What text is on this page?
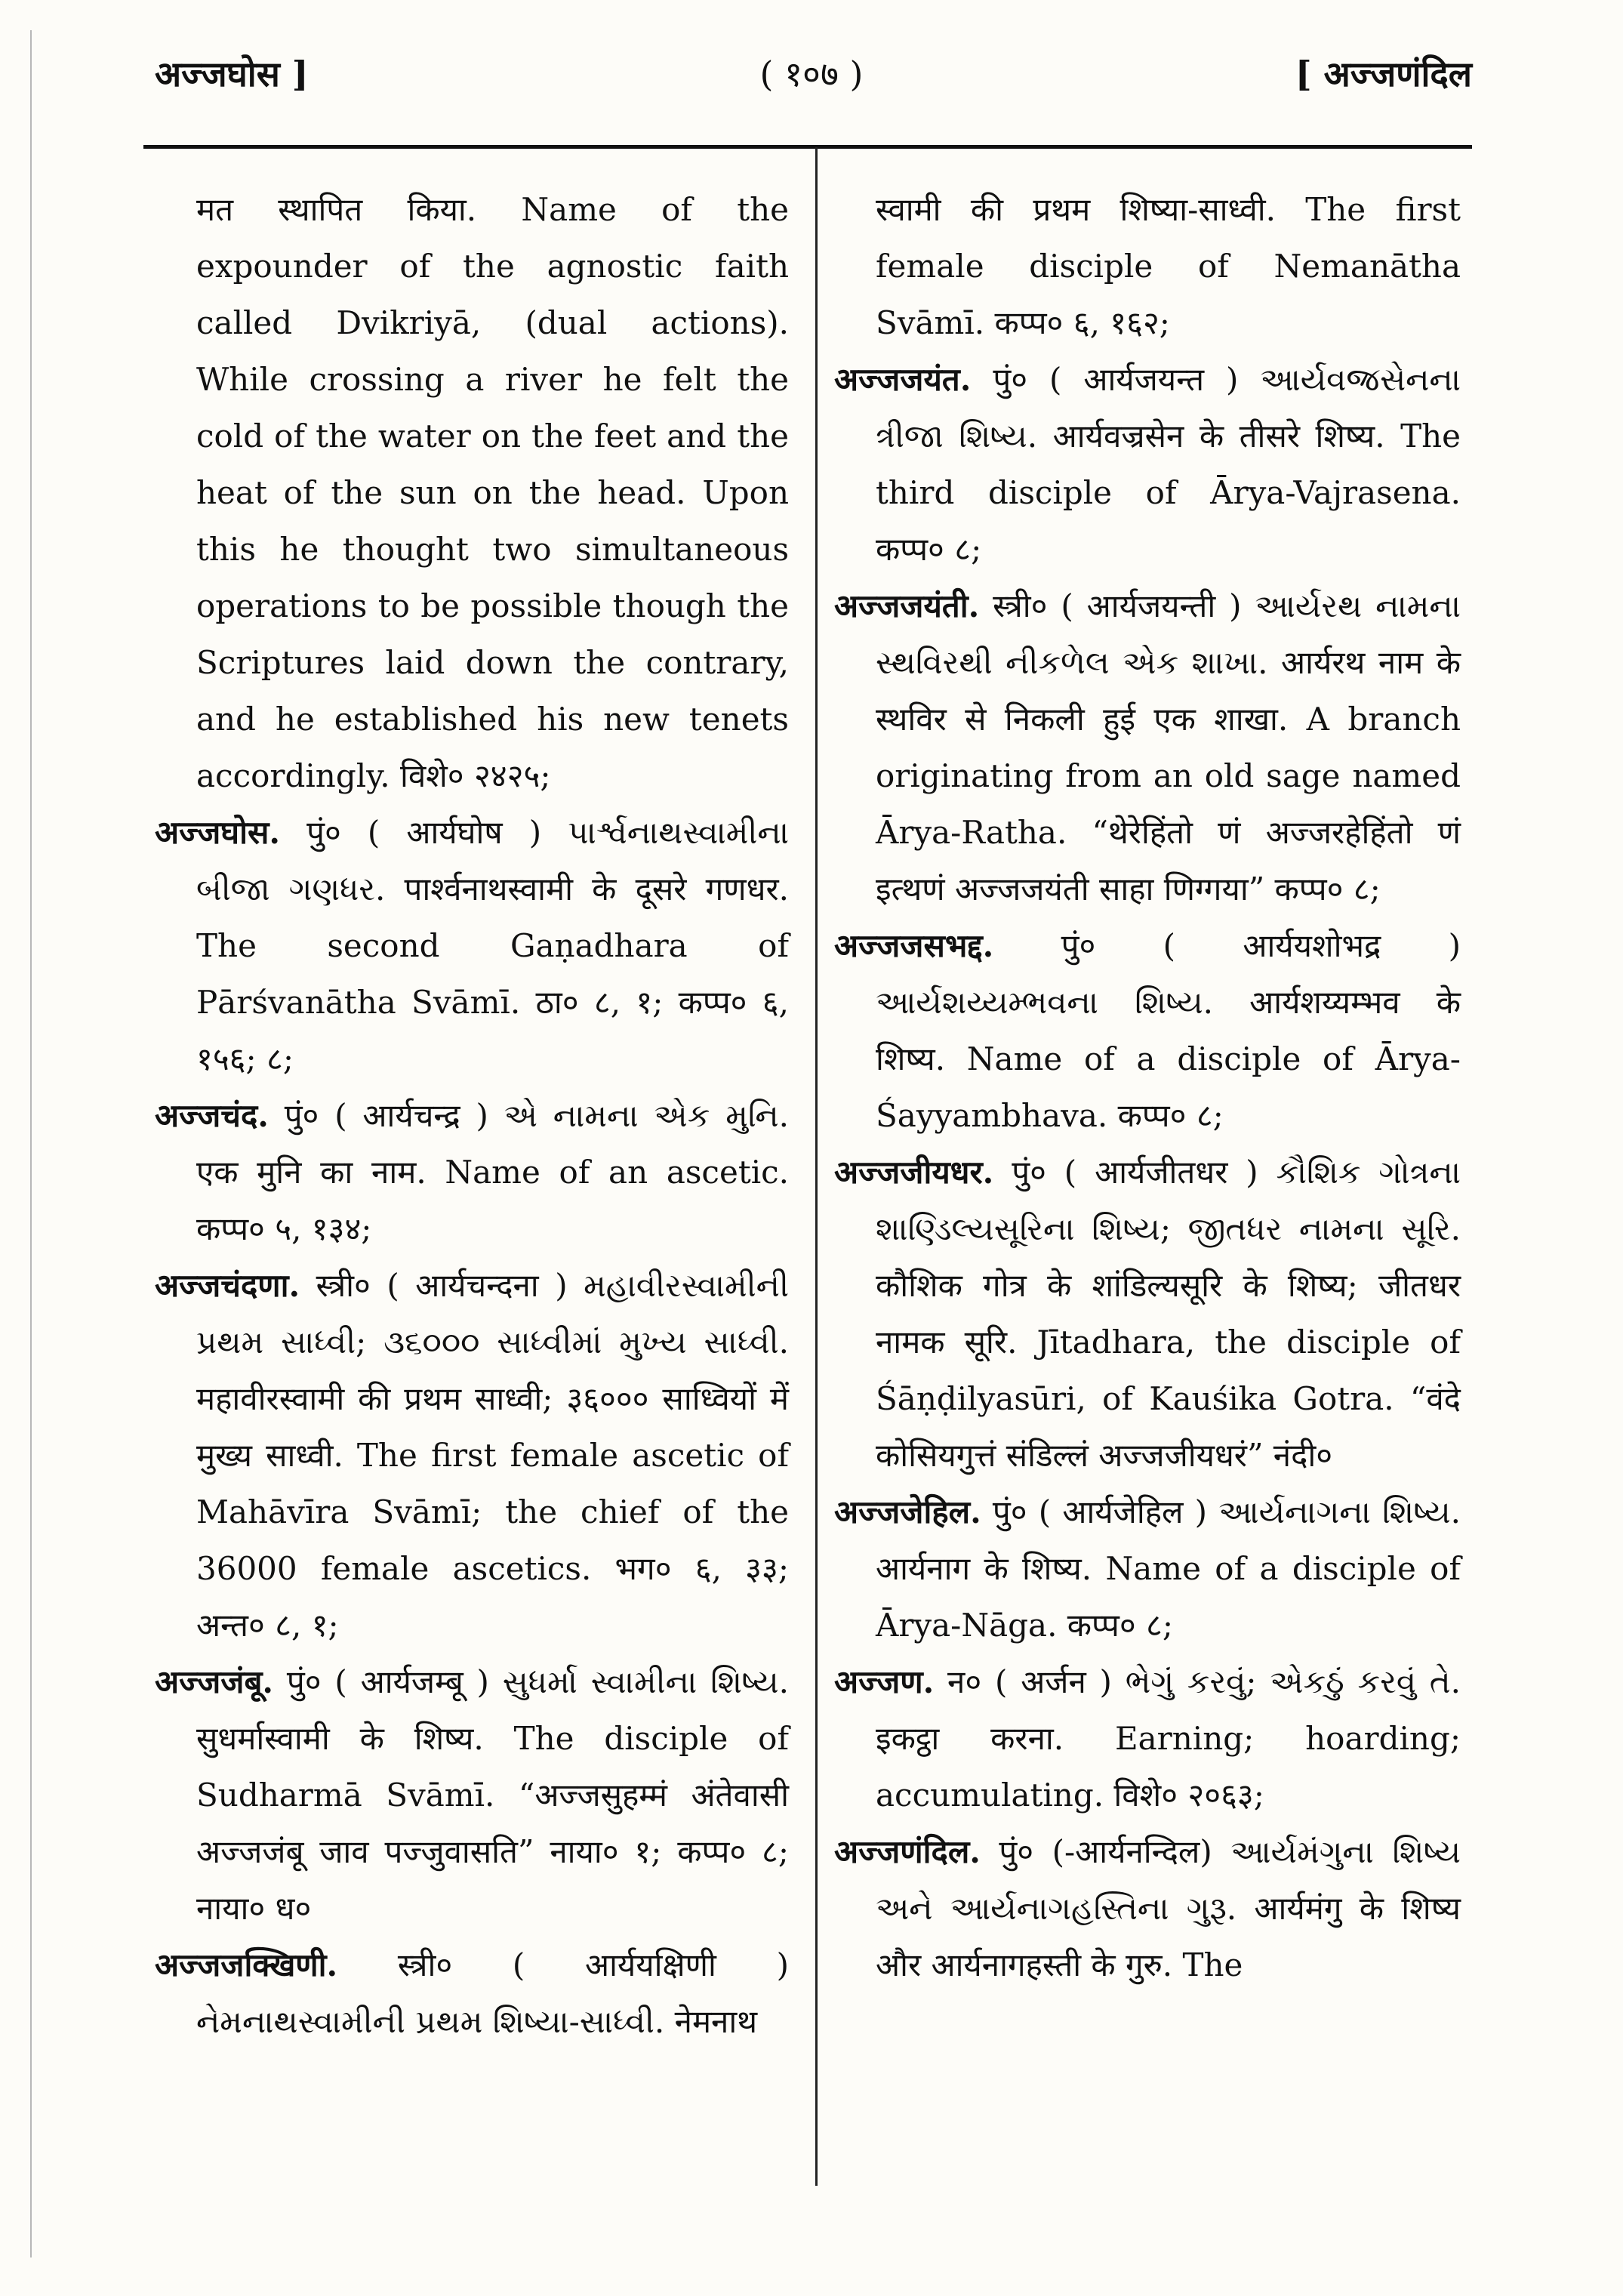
( १०७ )
अज्जघोस ]	[ अज्जणंदिल
मत स्थापित किया. Name of the expounder of the agnostic faith called Dvikriyā, (dual actions). While crossing a river he felt the cold of the water on the feet and the heat of the sun on the head. Upon this he thought two simultaneous operations to be possible though the Scriptures laid down the contrary, and he established his new tenets accordingly. विशे० २४२५;
अज्जघोस. पुं० ( आर्यघोष ) પાર્શ્વનાથસ્વામીના બીજા ગણધર. पार्श्वनाथस्वामी के दूसरे गणधर. The second Gaṇadhara of Pārśvanātha Svāmī. ठा० ८, १; कप्प० ६, १५६; ८;
अज्जचंद. पुं० ( आर्यचन्द्र ) એ નામના એક મુનિ. एक मुनि का नाम. Name of an ascetic. कप्प० ५, १३४;
अज्जचंदणा. स्त्री० ( आर्यचन्दना ) મહાવીરસ્વામીની પ્રથમ સાધ્વી; ૩૬૦૦૦ સાધ્વીમાં મુખ્ય સાધ્વી. महावीरस्वामी की प्रथम साध्वी; ३६००० साध्वियों में मुख्य साध्वी. The first female ascetic of Mahāvīra Svāmī; the chief of the 36000 female ascetics. भग० ६, ३३; अन्त० ८, १;
अज्जजंबू. पुं० ( आर्यजम्बू ) સુધર્મા સ્વામીના શિષ્ય. सुधर्मास्वामी के शिष्य. The disciple of Sudharmā Svāmī. “अज्जसुहम्मं अंतेवासी अज्जजंबू जाव पज्जुवासति” नाया० १; कप्प० ८; नाया० ध०
अज्जजक्खिणी. स्त्री० ( आर्ययक्षिणी ) નેમનાથસ્વામીની પ્રથમ શિષ્યા-સાધ્વી. नेमनाथ
स्वामी की प्रथम शिष्या-साध्वी. The first female disciple of Nemanātha Svāmī. कप्प० ६, १६२;
अज्जजयंत. पुं० ( आर्यजयन्त ) આર્યવજ્રસેનના ત્રીજા શિષ્ય. आर्यवज्रसेन के तीसरे शिष्य. The third disciple of Ārya-Vajrasena. कप्प० ८;
अज्जजयंती. स्त्री० ( आर्यजयन्ती ) આર્યરથ નામના સ્થવિરથી નીકળેલ એક શાખા. आर्यरथ नाम के स्थविर से निकली हुई एक शाखा. A branch originating from an old sage named Ārya-Ratha. “थेरेहिंतो णं अज्जरहेहिंतो णं इत्थणं अज्जजयंती साहा णिग्गया” कप्प० ८;
अज्जजसभद्द. पुं० ( आर्ययशोभद्र ) આર્યશય્યમ્ભવના શિષ્ય. आर्यशय्यम्भव के शिष्य. Name of a disciple of Ārya-Śayyambhava. कप्प० ८;
अज्जजीयधर. पुं० ( आर्यजीतधर ) કૌશિક ગોત્રના શાણ્ડિલ્યસૂરિના શિષ્ય; જીતધર નામના સૂરિ. कौशिक गोत्र के शांडिल्यसूरि के शिष्य; जीतधर नामक सूरि. Jītadhara, the disciple of Śāṇḍilyasūri, of Kauśika Gotra. “वंदे कोसियगुत्तं संडिल्लं अज्जजीयधरं” नंदी०
अज्जजेहिल. पुं० ( आर्यजेहिल ) આર્યનાગના શિષ્ય. आर्यनाग के शिष्य. Name of a disciple of Ārya-Nāga. कप्प० ८;
अज्जण. न० ( अर्जन ) ભેગું કરવું; એકઠું કરવું તે. इकट्ठा करना. Earning; hoarding; accumulating. विशे० २०६३;
अज्जणंदिल. पुं० (-आर्यनन्दिल) આર્યમંગુના શિષ્ય અને આર્યનાગહસ્તિના ગુરૂ. आर्यमंगु के शिष्य और आर्यनागहस्ती के गुरु. The
